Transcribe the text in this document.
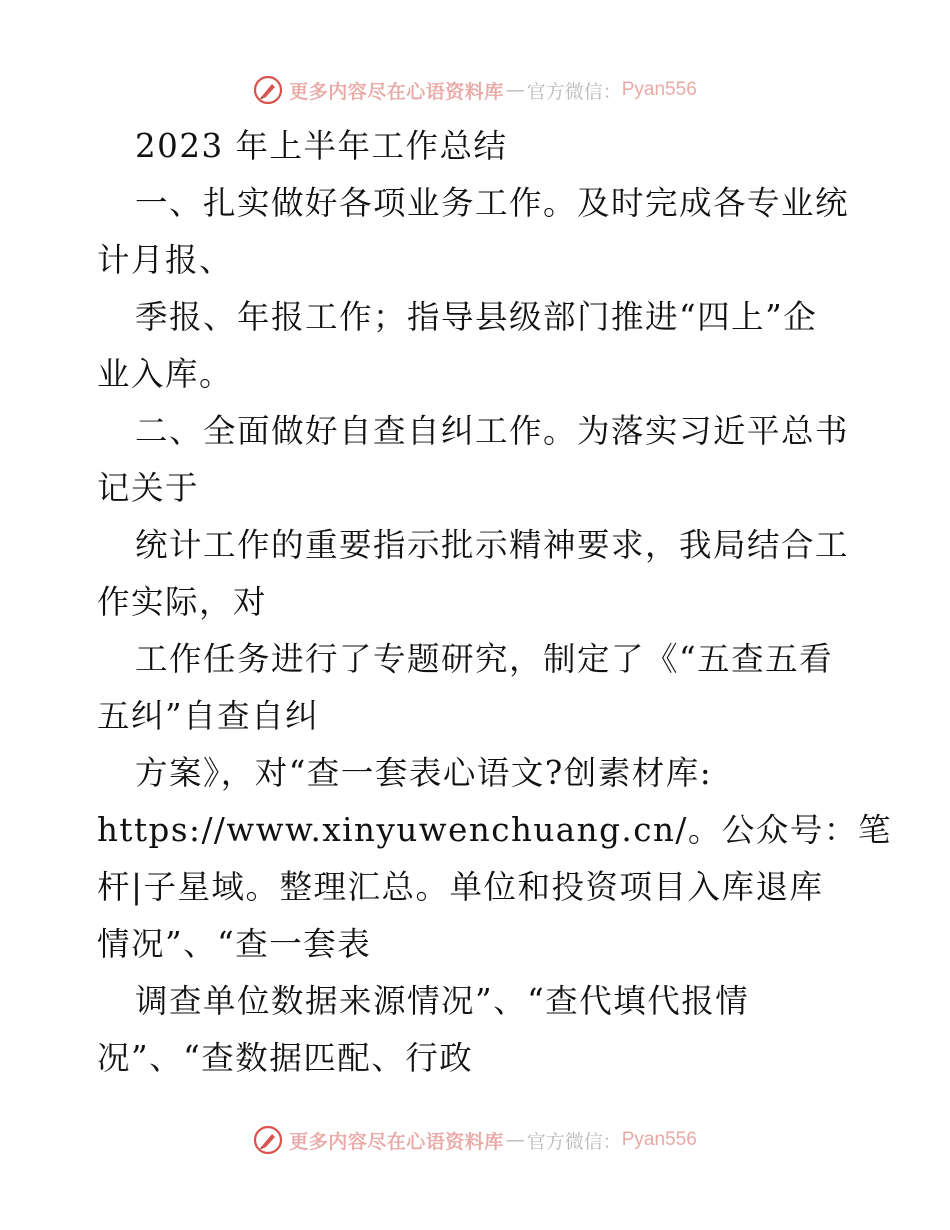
更多内容尽在心语资料库 — 官方微信： Pyan556
2023 年上半年工作总结
一、扎实做好各项业务工作。及时完成各专业统
计月报、
季报、年报工作；指导县级部门推进“四上”企
业入库。
二、全面做好自查自纠工作。为落实习近平总书
记关于
统计工作的重要指示批示精神要求，我局结合工
作实际，对
工作任务进行了专题研究，制定了《“五查五看
五纠”自查自纠
方案》，对“查一套表心语文?创素材库:
https://www.xinyuwenchuang.cn/。公众号：笔
杆|子星域。整理汇总。单位和投资项目入库退库
情况”、“查一套表
调查单位数据来源情况”、“查代填代报情
况”、“查数据匹配、行政
更多内容尽在心语资料库 — 官方微信： Pyan556
